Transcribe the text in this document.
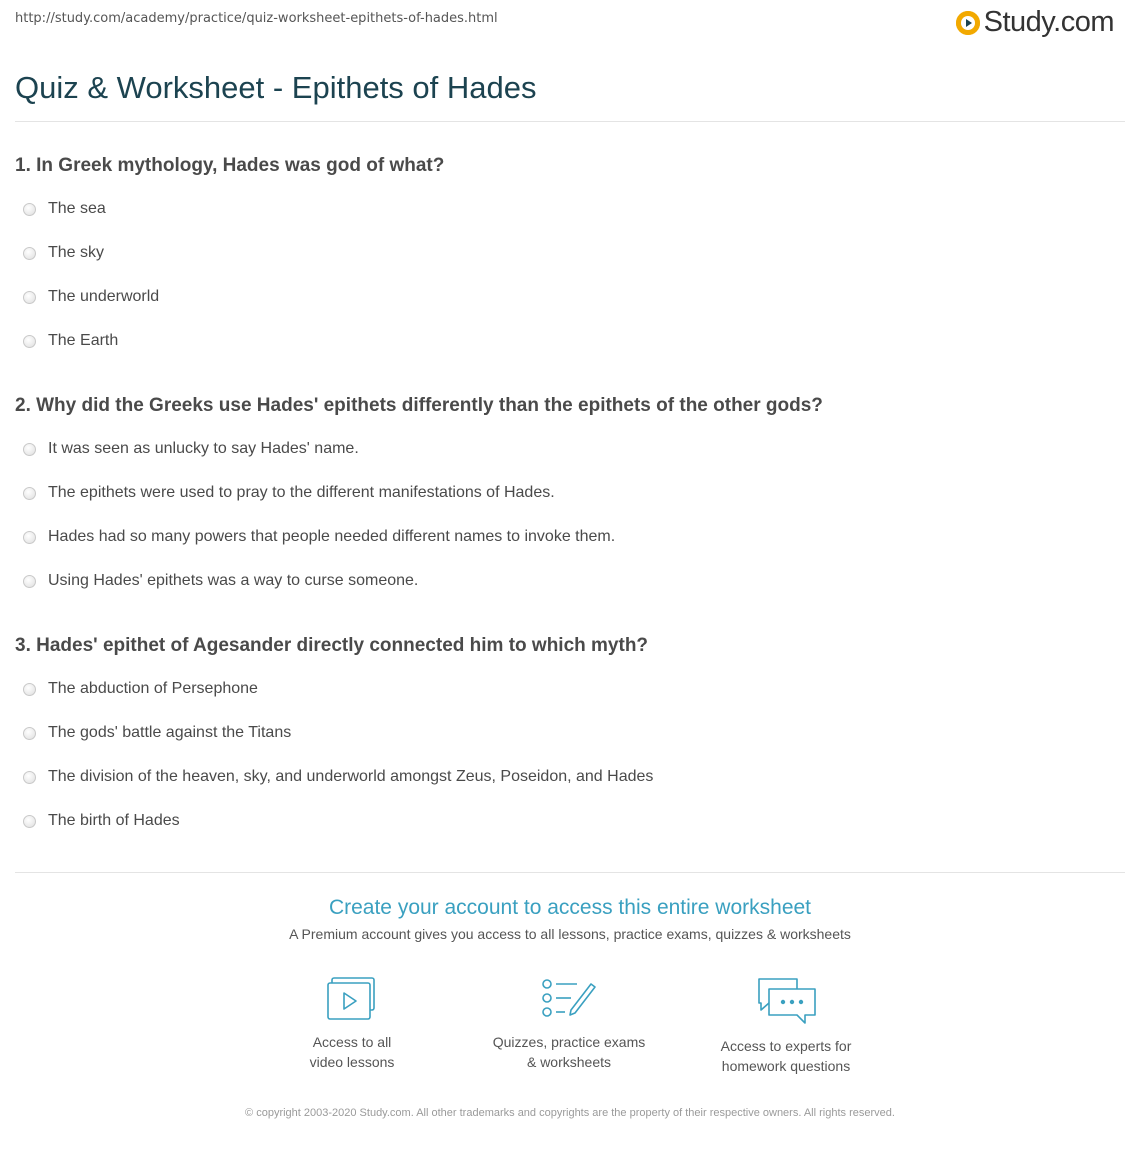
http://study.com/academy/practice/quiz-worksheet-epithets-of-hades.html	Study.com
Quiz & Worksheet - Epithets of Hades
1. In Greek mythology, Hades was god of what?
The sea
The sky
The underworld
The Earth
2. Why did the Greeks use Hades' epithets differently than the epithets of the other gods?
It was seen as unlucky to say Hades' name.
The epithets were used to pray to the different manifestations of Hades.
Hades had so many powers that people needed different names to invoke them.
Using Hades' epithets was a way to curse someone.
3. Hades' epithet of Agesander directly connected him to which myth?
The abduction of Persephone
The gods' battle against the Titans
The division of the heaven, sky, and underworld amongst Zeus, Poseidon, and Hades
The birth of Hades
Create your account to access this entire worksheet
A Premium account gives you access to all lessons, practice exams, quizzes & worksheets
Access to all
video lessons
Quizzes, practice exams
& worksheets
Access to experts for
homework questions
© copyright 2003-2020 Study.com. All other trademarks and copyrights are the property of their respective owners. All rights reserved.
